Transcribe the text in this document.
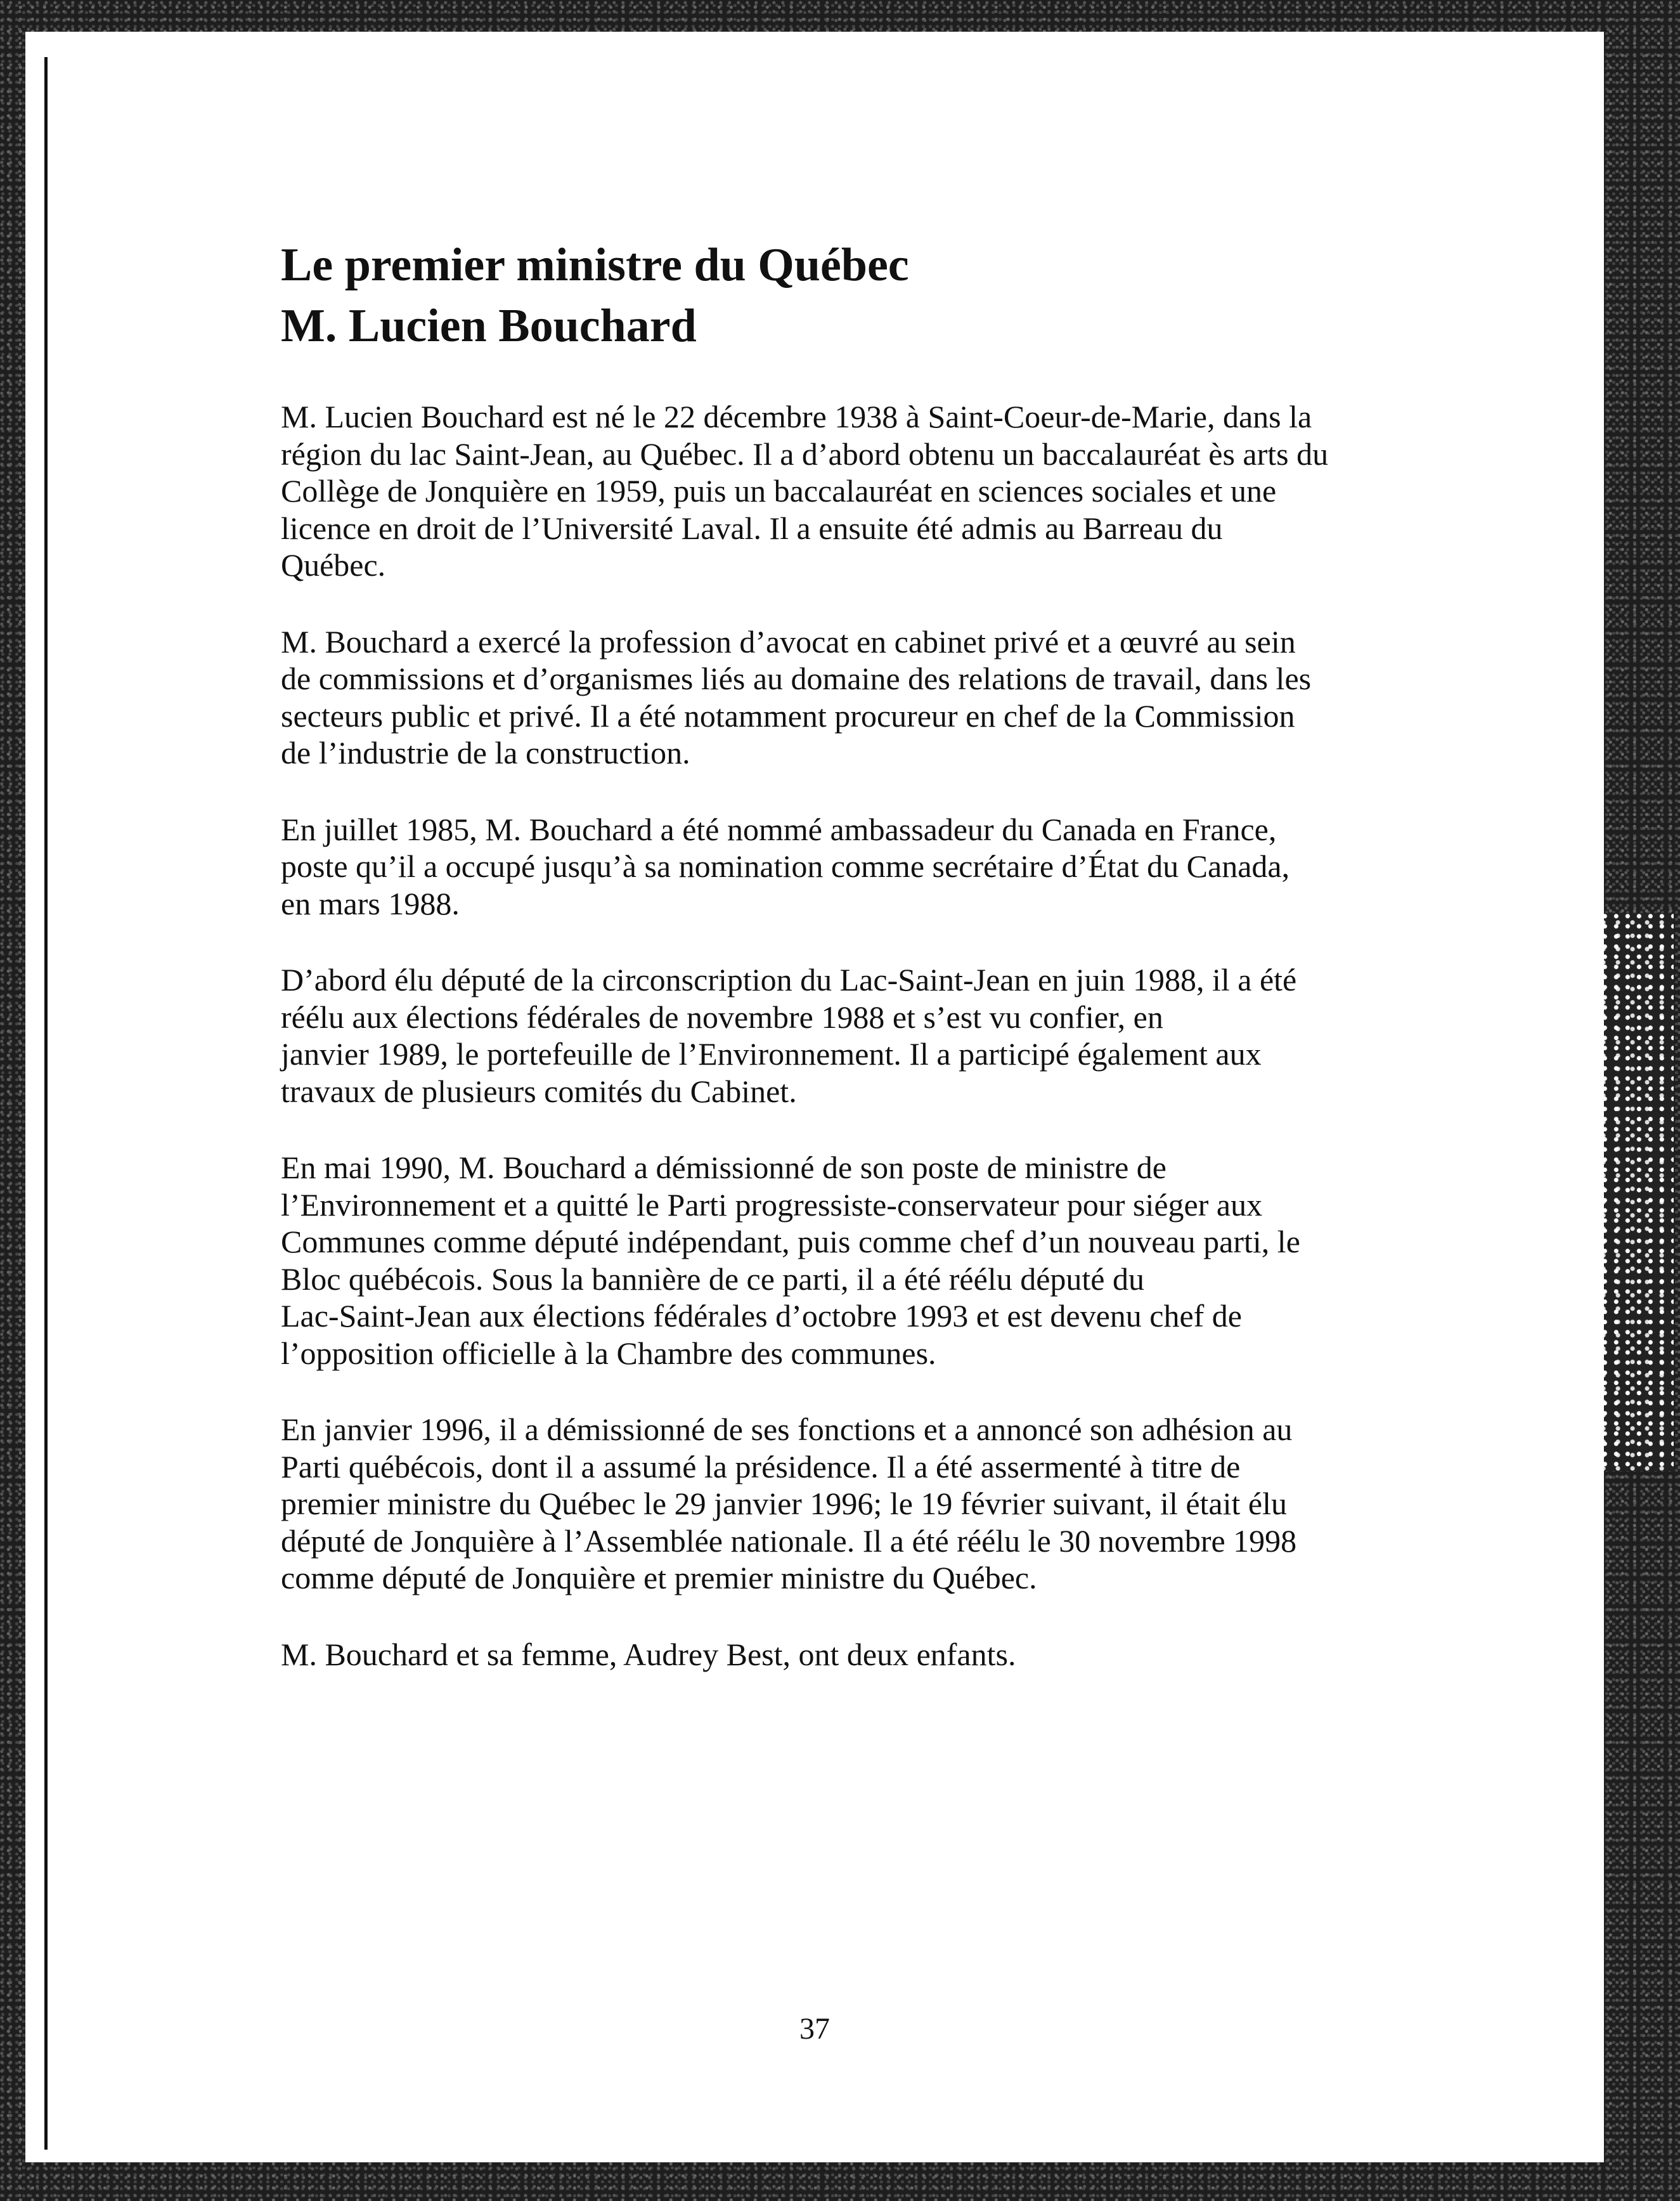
Le premier ministre du Québec
M. Lucien Bouchard
M. Lucien Bouchard est né le 22 décembre 1938 à Saint-Coeur-de-Marie, dans la
région du lac Saint-Jean, au Québec. Il a d’abord obtenu un baccalauréat ès arts du
Collège de Jonquière en 1959, puis un baccalauréat en sciences sociales et une
licence en droit de l’Université Laval. Il a ensuite été admis au Barreau du
Québec.
M. Bouchard a exercé la profession d’avocat en cabinet privé et a œuvré au sein
de commissions et d’organismes liés au domaine des relations de travail, dans les
secteurs public et privé. Il a été notamment procureur en chef de la Commission
de l’industrie de la construction.
En juillet 1985, M. Bouchard a été nommé ambassadeur du Canada en France,
poste qu’il a occupé jusqu’à sa nomination comme secrétaire d’État du Canada,
en mars 1988.
D’abord élu député de la circonscription du Lac-Saint-Jean en juin 1988, il a été
réélu aux élections fédérales de novembre 1988 et s’est vu confier, en
janvier 1989, le portefeuille de l’Environnement. Il a participé également aux
travaux de plusieurs comités du Cabinet.
En mai 1990, M. Bouchard a démissionné de son poste de ministre de
l’Environnement et a quitté le Parti progressiste-conservateur pour siéger aux
Communes comme député indépendant, puis comme chef d’un nouveau parti, le
Bloc québécois. Sous la bannière de ce parti, il a été réélu député du
Lac-Saint-Jean aux élections fédérales d’octobre 1993 et est devenu chef de
l’opposition officielle à la Chambre des communes.
En janvier 1996, il a démissionné de ses fonctions et a annoncé son adhésion au
Parti québécois, dont il a assumé la présidence. Il a été assermenté à titre de
premier ministre du Québec le 29 janvier 1996; le 19 février suivant, il était élu
député de Jonquière à l’Assemblée nationale. Il a été réélu le 30 novembre 1998
comme député de Jonquière et premier ministre du Québec.
M. Bouchard et sa femme, Audrey Best, ont deux enfants.
37
